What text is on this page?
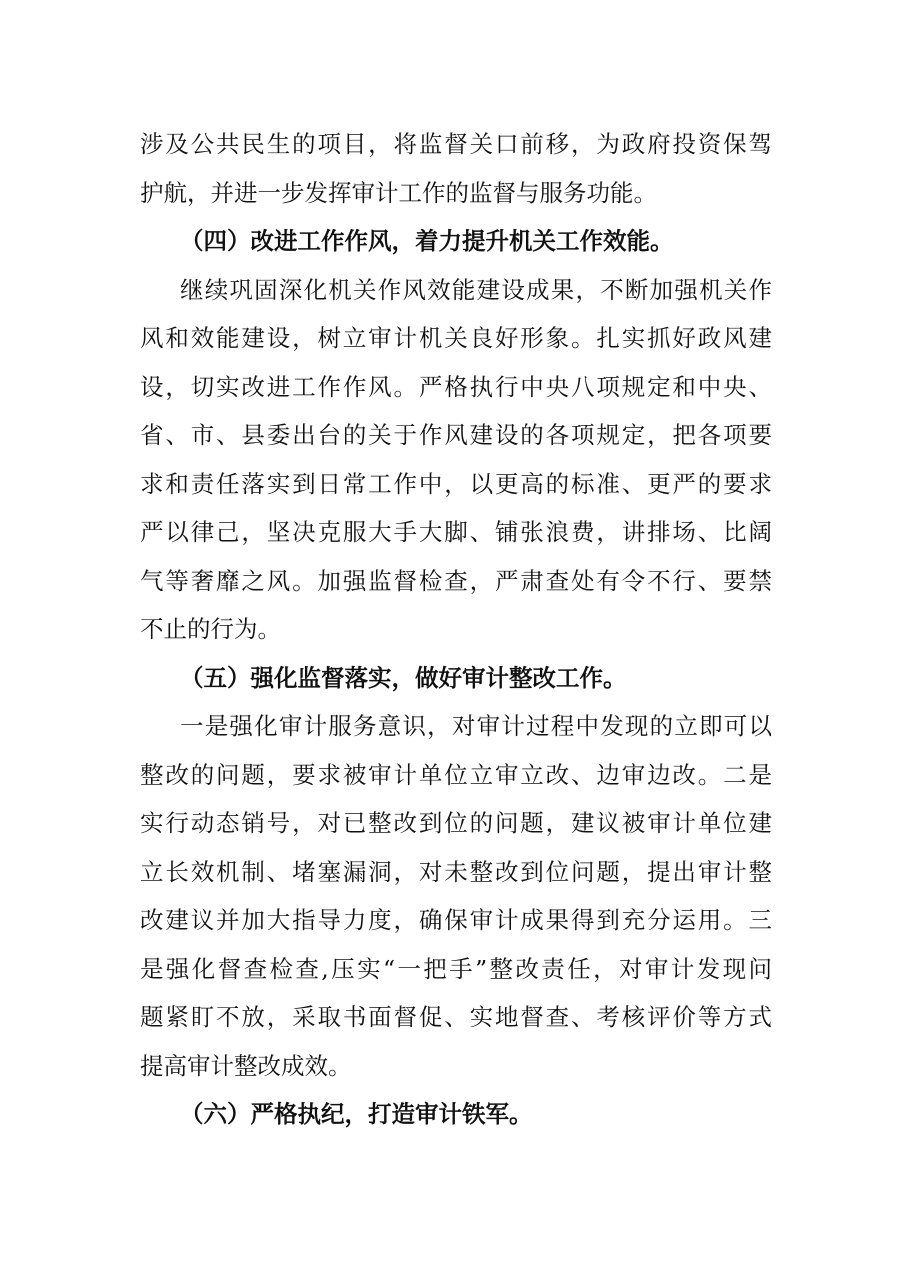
涉及公共民生的项目，将监督关口前移，为政府投资保驾
护航，并进一步发挥审计工作的监督与服务功能。
（四）改进工作作风，着力提升机关工作效能。
继续巩固深化机关作风效能建设成果，不断加强机关作
风和效能建设，树立审计机关良好形象。扎实抓好政风建
设，切实改进工作作风。严格执行中央八项规定和中央、
省、市、县委出台的关于作风建设的各项规定，把各项要
求和责任落实到日常工作中，以更高的标准、更严的要求
严以律己，坚决克服大手大脚、铺张浪费，讲排场、比阔
气等奢靡之风。加强监督检查，严肃查处有令不行、要禁
不止的行为。
（五）强化监督落实，做好审计整改工作。
一是强化审计服务意识，对审计过程中发现的立即可以
整改的问题，要求被审计单位立审立改、边审边改。二是
实行动态销号，对已整改到位的问题，建议被审计单位建
立长效机制、堵塞漏洞，对未整改到位问题，提出审计整
改建议并加大指导力度，确保审计成果得到充分运用。三
是强化督查检查,压实“一把手”整改责任，对审计发现问
题紧盯不放，采取书面督促、实地督查、考核评价等方式
提高审计整改成效。
（六）严格执纪，打造审计铁军。
